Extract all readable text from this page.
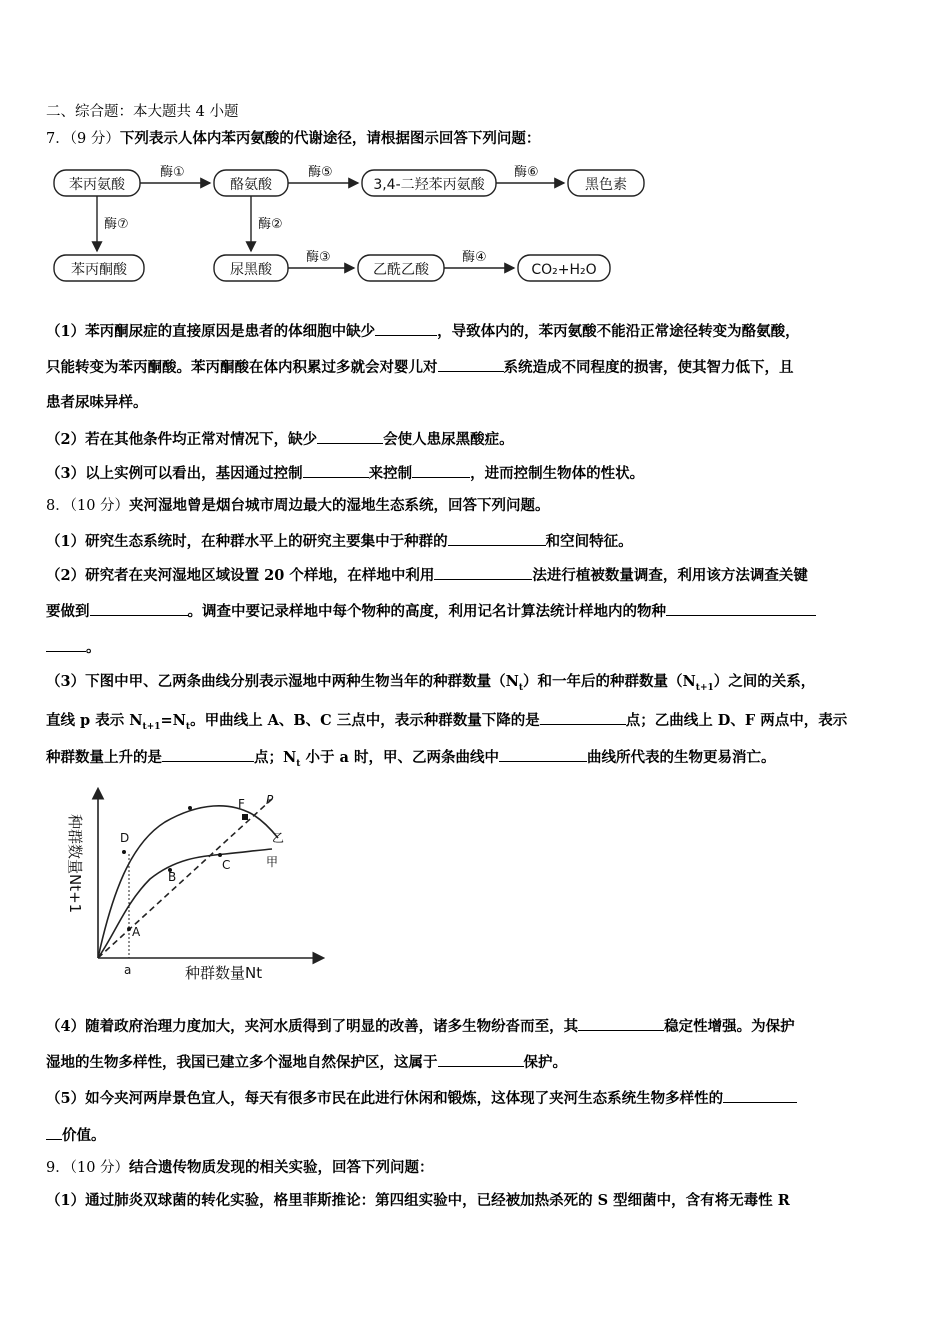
二、综合题：本大题共 4 小题
7．（9 分）下列表示人体内苯丙氨酸的代谢途径，请根据图示回答下列问题：
苯丙氨酸	酪氨酸	3,4-二羟苯丙氨酸	黑色素
苯丙酮酸	尿黑酸	乙酰乙酸	CO₂+H₂O
酶①	酶⑤	酶⑥
酶⑦	酶②
酶③	酶④
（1）苯丙酮尿症的直接原因是患者的体细胞中缺少	，导致体内的，苯丙氨酸不能沿正常途径转变为酪氨酸，
只能转变为苯丙酮酸。苯丙酮酸在体内积累过多就会对婴儿对	系统造成不同程度的损害，使其智力低下，且
患者尿味异样。
（2）若在其他条件均正常对情况下，缺少	会使人患尿黑酸症。
（3）以上实例可以看出，基因通过控制	来控制	，进而控制生物体的性状。
8．（10 分）夹河湿地曾是烟台城市周边最大的湿地生态系统，回答下列问题。
（1）研究生态系统时，在种群水平上的研究主要集中于种群的	和空间特征。
（2）研究者在夹河湿地区域设置 20 个样地，在样地中利用	法进行植被数量调查，利用该方法调查关键
要做到	。调查中要记录样地中每个物种的高度，利用记名计算法统计样地内的物种
。
（3）下图中甲、乙两条曲线分别表示湿地中两种生物当年的种群数量$(N_t)$和一年后的种群数量$(N_{t+1})$之间的关系，
直线 p 表示 $N_{t+1}=N_t$。甲曲线上 A、B、C 三点中，表示种群数量下降的是	点；乙曲线上 D、F 两点中，表示
种群数量上升的是	点；$N_t$ 小于 a 时，甲、乙两条曲线中	曲线所代表的生物更易消亡。
种群数量Nt+1
种群数量Nt
a
A
B
C
D
F P
乙
甲
（4）随着政府治理力度加大，夹河水质得到了明显的改善，诸多生物纷沓而至，其	稳定性增强。为保护
湿地的生物多样性，我国已建立多个湿地自然保护区，这属于	保护。
（5）如今夹河两岸景色宜人，每天有很多市民在此进行休闲和锻炼，这体现了夹河生态系统生物多样性的
价值。
9．（10 分）结合遗传物质发现的相关实验，回答下列问题：
（1）通过肺炎双球菌的转化实验，格里菲斯推论：第四组实验中，已经被加热杀死的 S 型细菌中，含有将无毒性 R
